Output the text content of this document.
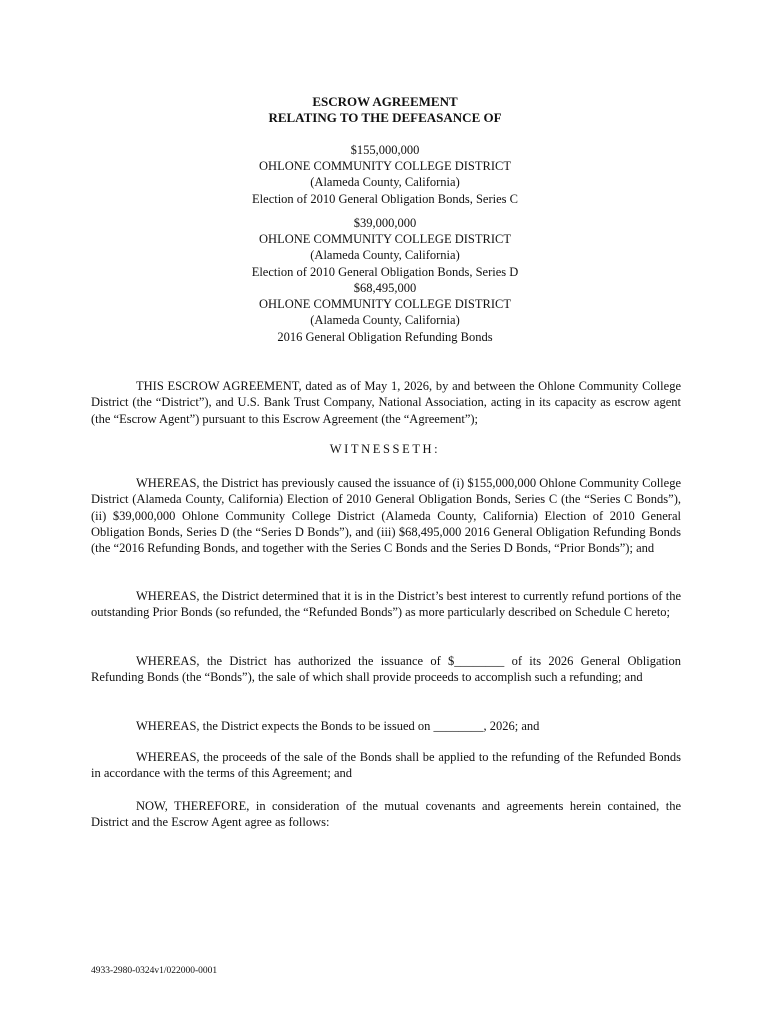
ESCROW AGREEMENT
RELATING TO THE DEFEASANCE OF
$155,000,000
OHLONE COMMUNITY COLLEGE DISTRICT
(Alameda County, California)
Election of 2010 General Obligation Bonds, Series C
$39,000,000
OHLONE COMMUNITY COLLEGE DISTRICT
(Alameda County, California)
Election of 2010 General Obligation Bonds, Series D
$68,495,000
OHLONE COMMUNITY COLLEGE DISTRICT
(Alameda County, California)
2016 General Obligation Refunding Bonds

THIS ESCROW AGREEMENT, dated as of May 1, 2026, by and between the Ohlone Community College District (the “District”), and U.S. Bank Trust Company, National Association, acting in its capacity as escrow agent (the “Escrow Agent”) pursuant to this Escrow Agreement (the “Agreement”);

WITNESSETH:

WHEREAS, the District has previously caused the issuance of (i) $155,000,000 Ohlone Community College District (Alameda County, California) Election of 2010 General Obligation Bonds, Series C (the “Series C Bonds”), (ii) $39,000,000 Ohlone Community College District (Alameda County, California) Election of 2010 General Obligation Bonds, Series D (the “Series D Bonds”), and (iii) $68,495,000 2016 General Obligation Refunding Bonds (the “2016 Refunding Bonds, and together with the Series C Bonds and the Series D Bonds, “Prior Bonds”); and

WHEREAS, the District determined that it is in the District’s best interest to currently refund portions of the outstanding Prior Bonds (so refunded, the “Refunded Bonds”) as more particularly described on Schedule C hereto;

WHEREAS, the District has authorized the issuance of $________ of its 2026 General Obligation Refunding Bonds (the “Bonds”), the sale of which shall provide proceeds to accomplish such a refunding; and

WHEREAS, the District expects the Bonds to be issued on ________, 2026; and

WHEREAS, the proceeds of the sale of the Bonds shall be applied to the refunding of the Refunded Bonds in accordance with the terms of this Agreement; and

NOW, THEREFORE, in consideration of the mutual covenants and agreements herein contained, the District and the Escrow Agent agree as follows:

4933-2980-0324v1/022000-0001
